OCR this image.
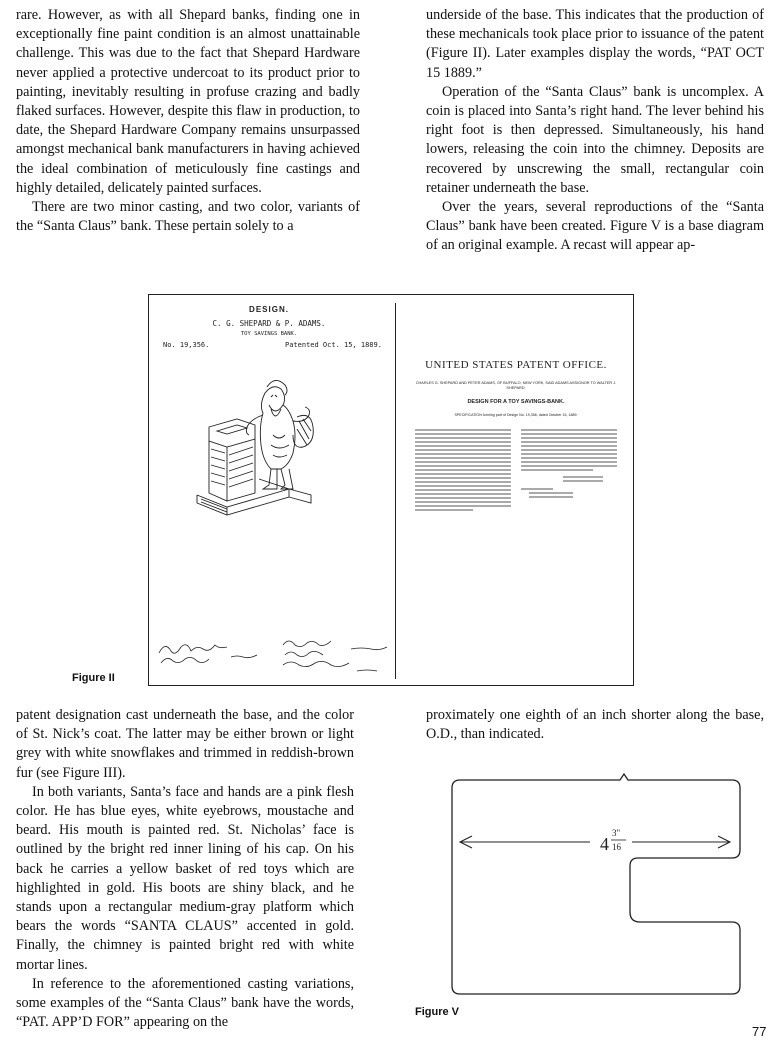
rare. However, as with all Shepard banks, finding one in exceptionally fine paint condition is an almost unattainable challenge. This was due to the fact that Shepard Hardware never applied a protective undercoat to its product prior to painting, inevitably resulting in profuse crazing and badly flaked surfaces. However, despite this flaw in production, to date, the Shepard Hardware Company remains unsurpassed amongst mechanical bank manufacturers in having achieved the ideal combination of meticulously fine castings and highly detailed, delicately painted surfaces.

There are two minor casting, and two color, variants of the “Santa Claus” bank. These pertain solely to a

underside of the base. This indicates that the production of these mechanicals took place prior to issuance of the patent (Figure II). Later examples display the words, “PAT OCT 15 1889.”

Operation of the “Santa Claus” bank is uncomplex. A coin is placed into Santa’s right hand. The lever behind his right foot is then depressed. Simultaneously, his hand lowers, releasing the coin into the chimney. Deposits are recovered by unscrewing the small, rectangular coin retainer underneath the base.

Over the years, several reproductions of the “Santa Claus” bank have been created. Figure V is a base diagram of an original example. A recast will appear ap-

DESIGN.
C. G. SHEPARD & P. ADAMS.
TOY SAVINGS BANK.
No. 19,356.	Patented Oct. 15, 1889.
UNITED STATES PATENT OFFICE.
CHARLES G. SHEPARD AND PETER ADAMS, OF BUFFALO, NEW YORK, SAID ADAMS ASSIGNOR TO WALTER J. SHEPARD.
DESIGN FOR A TOY SAVINGS-BANK.
SPECIFICATION forming part of Design No. 19,356, dated October 15, 1889.
Figure II

patent designation cast underneath the base, and the color of St. Nick’s coat. The latter may be either brown or light grey with white snowflakes and trimmed in reddish-brown fur (see Figure III).

In both variants, Santa’s face and hands are a pink flesh color. He has blue eyes, white eyebrows, moustache and beard. His mouth is painted red. St. Nicholas’ face is outlined by the bright red inner lining of his cap. On his back he carries a yellow basket of red toys which are highlighted in gold. His boots are shiny black, and he stands upon a rectangular medium-gray platform which bears the words “SANTA CLAUS” accented in gold. Finally, the chimney is painted bright red with white mortar lines.

In reference to the aforementioned casting variations, some examples of the “Santa Claus” bank have the words, “PAT. APP’D FOR” appearing on the

proximately one eighth of an inch shorter along the base, O.D., than indicated.

4
3"
16
Figure V
77
